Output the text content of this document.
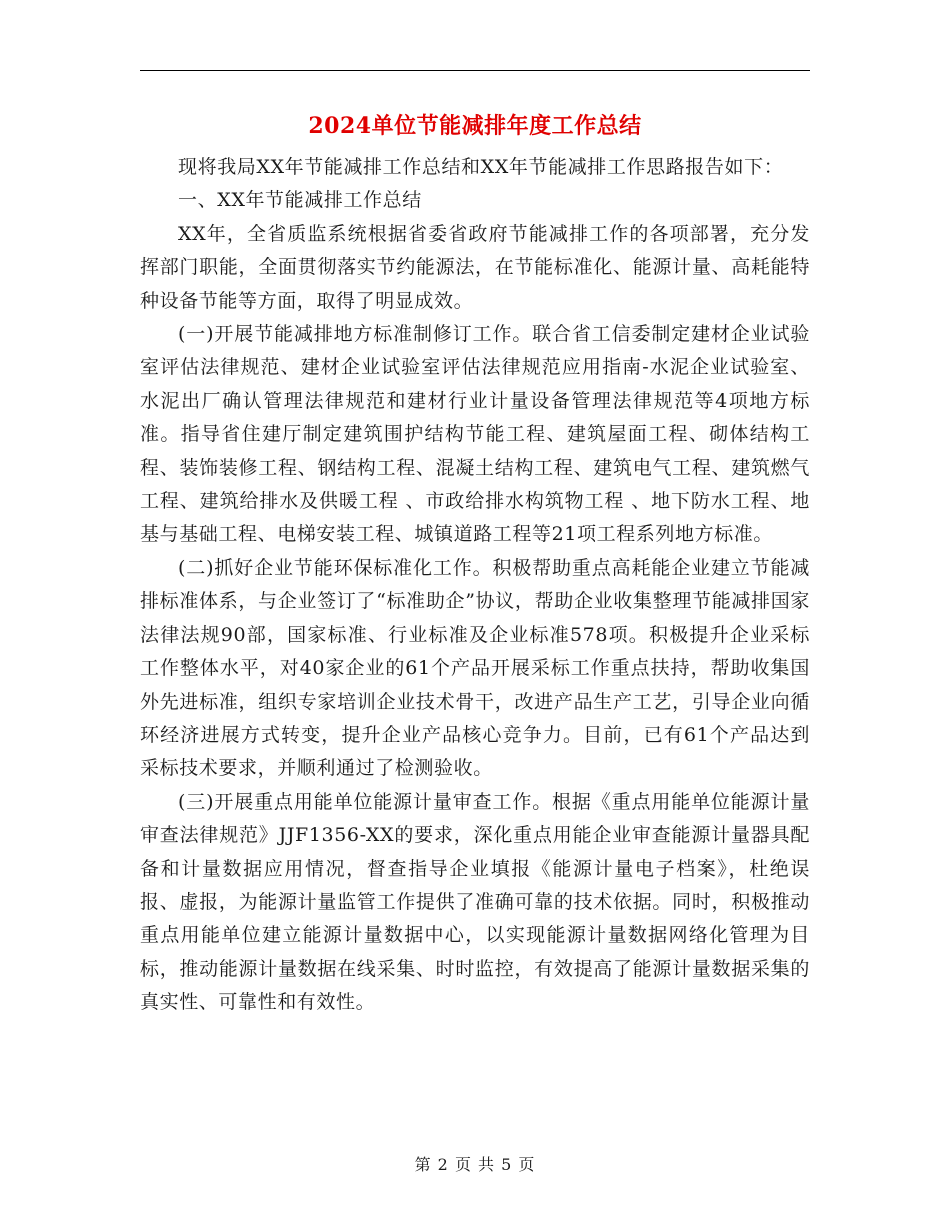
2024单位节能减排年度工作总结

现将我局XX年节能减排工作总结和XX年节能减排工作思路报告如下：

一、XX年节能减排工作总结

XX年，全省质监系统根据省委省政府节能减排工作的各项部署，充分发挥部门职能，全面贯彻落实节约能源法，在节能标准化、能源计量、高耗能特种设备节能等方面，取得了明显成效。

(一)开展节能减排地方标准制修订工作。联合省工信委制定建材企业试验室评估法律规范、建材企业试验室评估法律规范应用指南-水泥企业试验室、水泥出厂确认管理法律规范和建材行业计量设备管理法律规范等4项地方标准。指导省住建厅制定建筑围护结构节能工程、建筑屋面工程、砌体结构工程、装饰装修工程、钢结构工程、混凝土结构工程、建筑电气工程、建筑燃气工程、建筑给排水及供暖工程 、市政给排水构筑物工程 、地下防水工程、地基与基础工程、电梯安装工程、城镇道路工程等21项工程系列地方标准。

(二)抓好企业节能环保标准化工作。积极帮助重点高耗能企业建立节能减排标准体系，与企业签订了“标准助企”协议，帮助企业收集整理节能减排国家法律法规90部，国家标准、行业标准及企业标准578项。积极提升企业采标工作整体水平，对40家企业的61个产品开展采标工作重点扶持，帮助收集国外先进标准，组织专家培训企业技术骨干，改进产品生产工艺，引导企业向循环经济进展方式转变，提升企业产品核心竞争力。目前，已有61个产品达到采标技术要求，并顺利通过了检测验收。

(三)开展重点用能单位能源计量审查工作。根据《重点用能单位能源计量审查法律规范》JJF1356-XX的要求，深化重点用能企业审查能源计量器具配备和计量数据应用情况，督查指导企业填报《能源计量电子档案》，杜绝误报、虚报，为能源计量监管工作提供了准确可靠的技术依据。同时，积极推动重点用能单位建立能源计量数据中心，以实现能源计量数据网络化管理为目标，推动能源计量数据在线采集、时时监控，有效提高了能源计量数据采集的真实性、可靠性和有效性。

第 2 页 共 5 页
